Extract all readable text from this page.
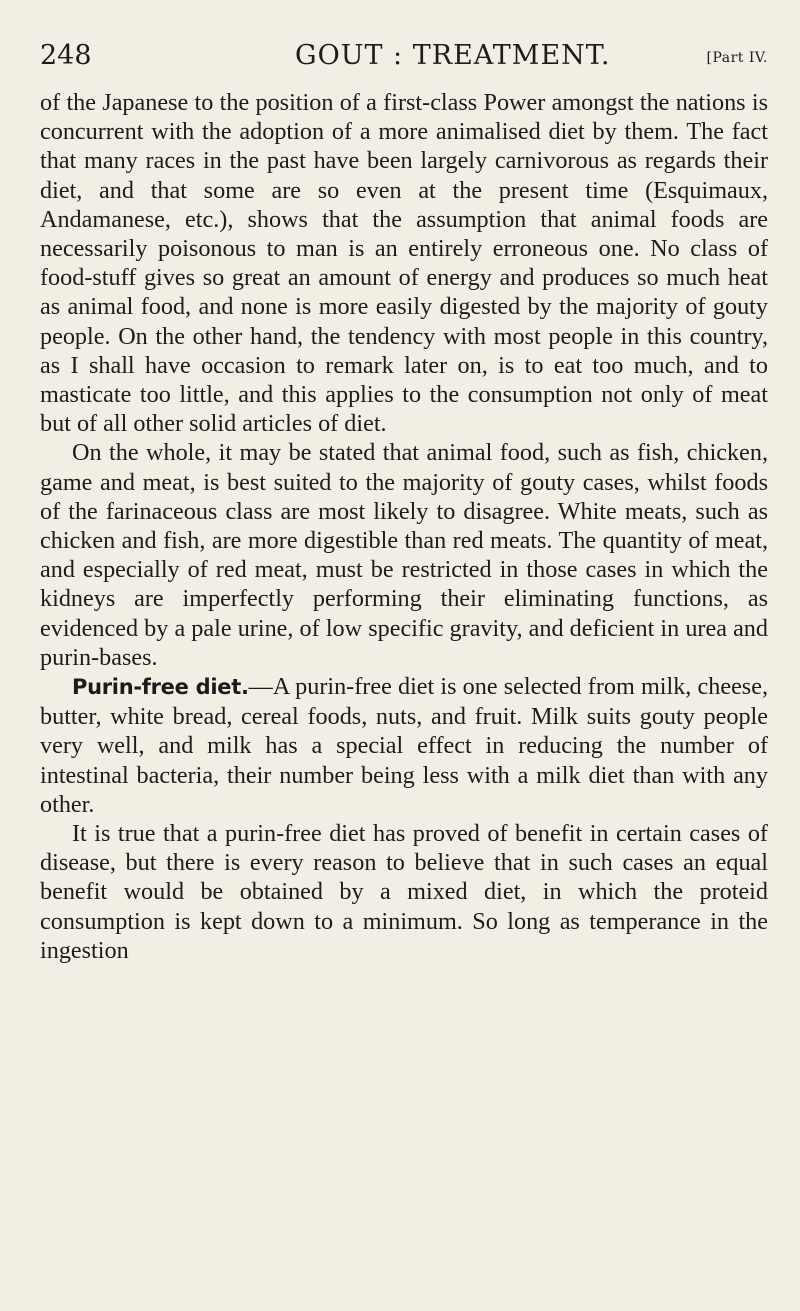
248	GOUT : TREATMENT.	[Part IV.

of the Japanese to the position of a first-class Power amongst the nations is concurrent with the adoption of a more animalised diet by them. The fact that many races in the past have been largely carnivorous as regards their diet, and that some are so even at the present time (Esquimaux, Andamanese, etc.), shows that the assumption that animal foods are necessarily poisonous to man is an entirely erroneous one. No class of food-stuff gives so great an amount of energy and produces so much heat as animal food, and none is more easily digested by the majority of gouty people. On the other hand, the tendency with most people in this country, as I shall have occasion to remark later on, is to eat too much, and to masticate too little, and this applies to the consumption not only of meat but of all other solid articles of diet.

On the whole, it may be stated that animal food, such as fish, chicken, game and meat, is best suited to the majority of gouty cases, whilst foods of the farinaceous class are most likely to disagree. White meats, such as chicken and fish, are more digestible than red meats. The quantity of meat, and especially of red meat, must be restricted in those cases in which the kidneys are imperfectly performing their eliminating functions, as evidenced by a pale urine, of low specific gravity, and deficient in urea and purin-bases.

Purin-free diet.—A purin-free diet is one selected from milk, cheese, butter, white bread, cereal foods, nuts, and fruit. Milk suits gouty people very well, and milk has a special effect in reducing the number of intestinal bacteria, their number being less with a milk diet than with any other.

It is true that a purin-free diet has proved of benefit in certain cases of disease, but there is every reason to believe that in such cases an equal benefit would be obtained by a mixed diet, in which the proteid consumption is kept down to a minimum. So long as temperance in the ingestion
